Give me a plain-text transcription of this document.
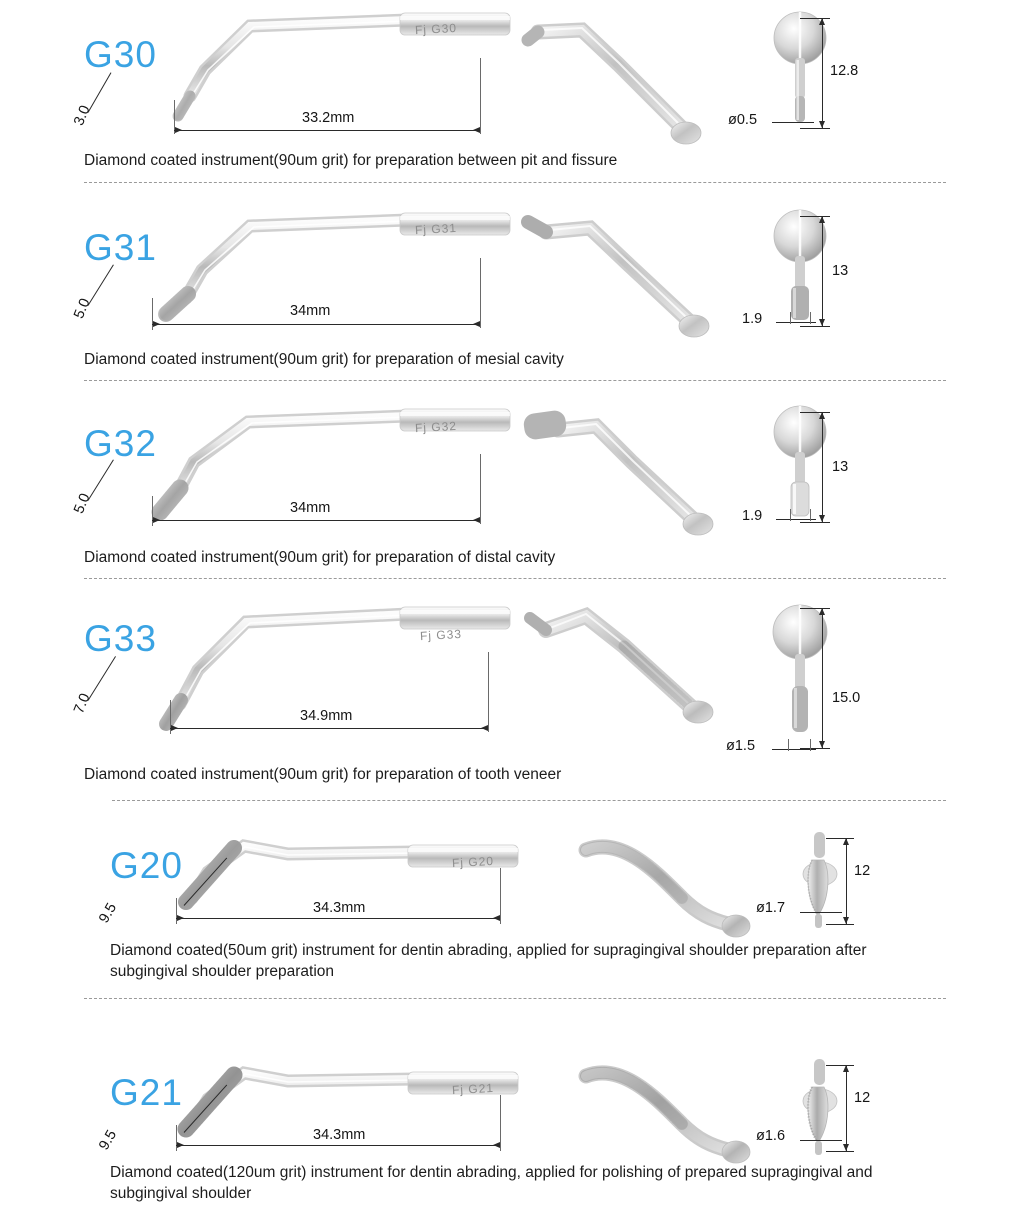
G30
Fj G30
3.0	33.2mm
12.8
ø0.5
Diamond coated instrument(90um grit) for preparation between pit and fissure
G31	Fj G31
5.0	34mm
13
1.9
Diamond coated instrument(90um grit) for preparation of mesial cavity
G32	Fj G32
5.0	34mm
13
1.9
Diamond coated instrument(90um grit) for preparation of distal cavity
G33	Fj G33
7.0	34.9mm
15.0
ø1.5
Diamond coated instrument(90um grit) for preparation of tooth veneer
G20	Fj G20
9.5	34.3mm
12
ø1.7
Diamond coated(50um grit) instrument for dentin abrading, applied for supragingival shoulder preparation after subgingival shoulder preparation
G21	Fj G21
9.5	34.3mm
12
ø1.6
Diamond coated(120um grit) instrument for dentin abrading, applied for polishing of prepared supragingival and subgingival shoulder
